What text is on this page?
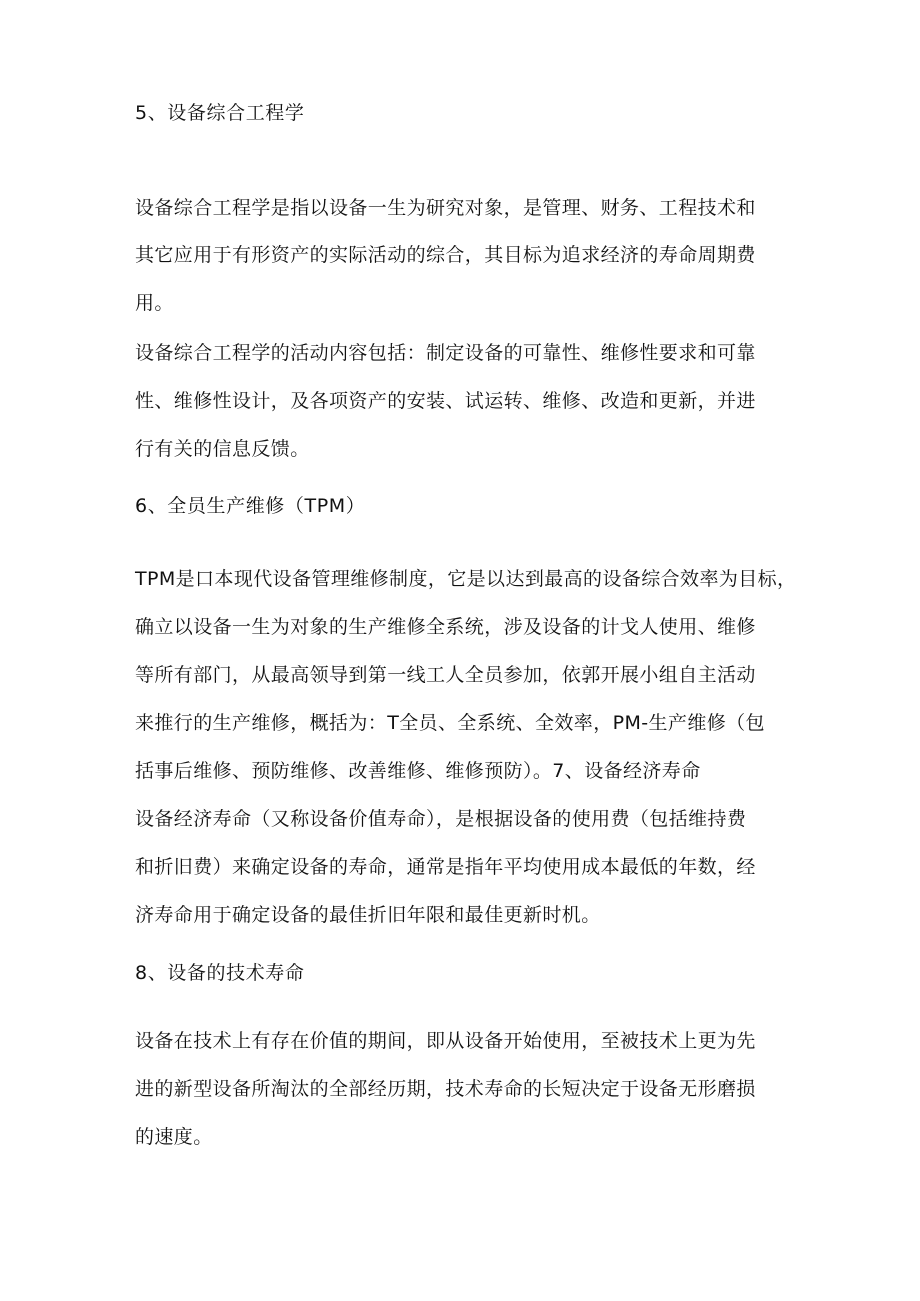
5、设备综合工程学
设备综合工程学是指以设备一生为研究对象，是管理、财务、工程技术和
其它应用于有形资产的实际活动的综合，其目标为追求经济的寿命周期费
用。
设备综合工程学的活动内容包括：制定设备的可靠性、维修性要求和可靠
性、维修性设计，及各项资产的安装、试运转、维修、改造和更新，并进
行有关的信息反馈。
6、全员生产维修（TPM）
TPM是口本现代设备管理维修制度，它是以达到最高的设备综合效率为目标，
确立以设备一生为对象的生产维修全系统，涉及设备的计戈人使用、维修
等所有部门，从最高领导到第一线工人全员参加，依郭开展小组自主活动
来推行的生产维修，概括为：T全员、全系统、全效率，PM-生产维修（包
括事后维修、预防维修、改善维修、维修预防）。7、设备经济寿命
设备经济寿命（又称设备价值寿命），是根据设备的使用费（包括维持费
和折旧费）来确定设备的寿命，通常是指年平均使用成本最低的年数，经
济寿命用于确定设备的最佳折旧年限和最佳更新时机。
8、设备的技术寿命
设备在技术上有存在价值的期间，即从设备开始使用，至被技术上更为先
进的新型设备所淘汰的全部经历期，技术寿命的长短决定于设备无形磨损
的速度。
